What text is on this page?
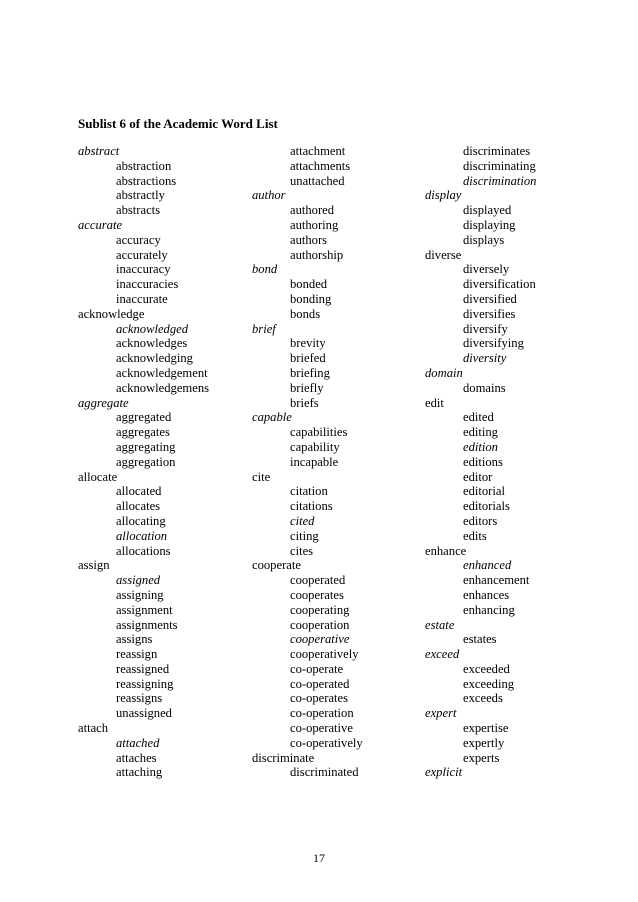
Sublist 6 of the Academic Word List
abstract
abstraction
abstractions
abstractly
abstracts
accurate
accuracy
accurately
inaccuracy
inaccuracies
inaccurate
acknowledge
acknowledged
acknowledges
acknowledging
acknowledgement
acknowledgemens
aggregate
aggregated
aggregates
aggregating
aggregation
allocate
allocated
allocates
allocating
allocation
allocations
assign
assigned
assigning
assignment
assignments
assigns
reassign
reassigned
reassigning
reassigns
unassigned
attach
attached
attaches
attaching
attachment
attachments
unattached
author
authored
authoring
authors
authorship
bond
bonded
bonding
bonds
brief
brevity
briefed
briefing
briefly
briefs
capable
capabilities
capability
incapable
cite
citation
citations
cited
citing
cites
cooperate
cooperated
cooperates
cooperating
cooperation
cooperative
cooperatively
co-operate
co-operated
co-operates
co-operation
co-operative
co-operatively
discriminate
discriminated
discriminates
discriminating
discrimination
display
displayed
displaying
displays
diverse
diversely
diversification
diversified
diversifies
diversify
diversifying
diversity
domain
domains
edit
edited
editing
edition
editions
editor
editorial
editorials
editors
edits
enhance
enhanced
enhancement
enhances
enhancing
estate
estates
exceed
exceeded
exceeding
exceeds
expert
expertise
expertly
experts
explicit
17
